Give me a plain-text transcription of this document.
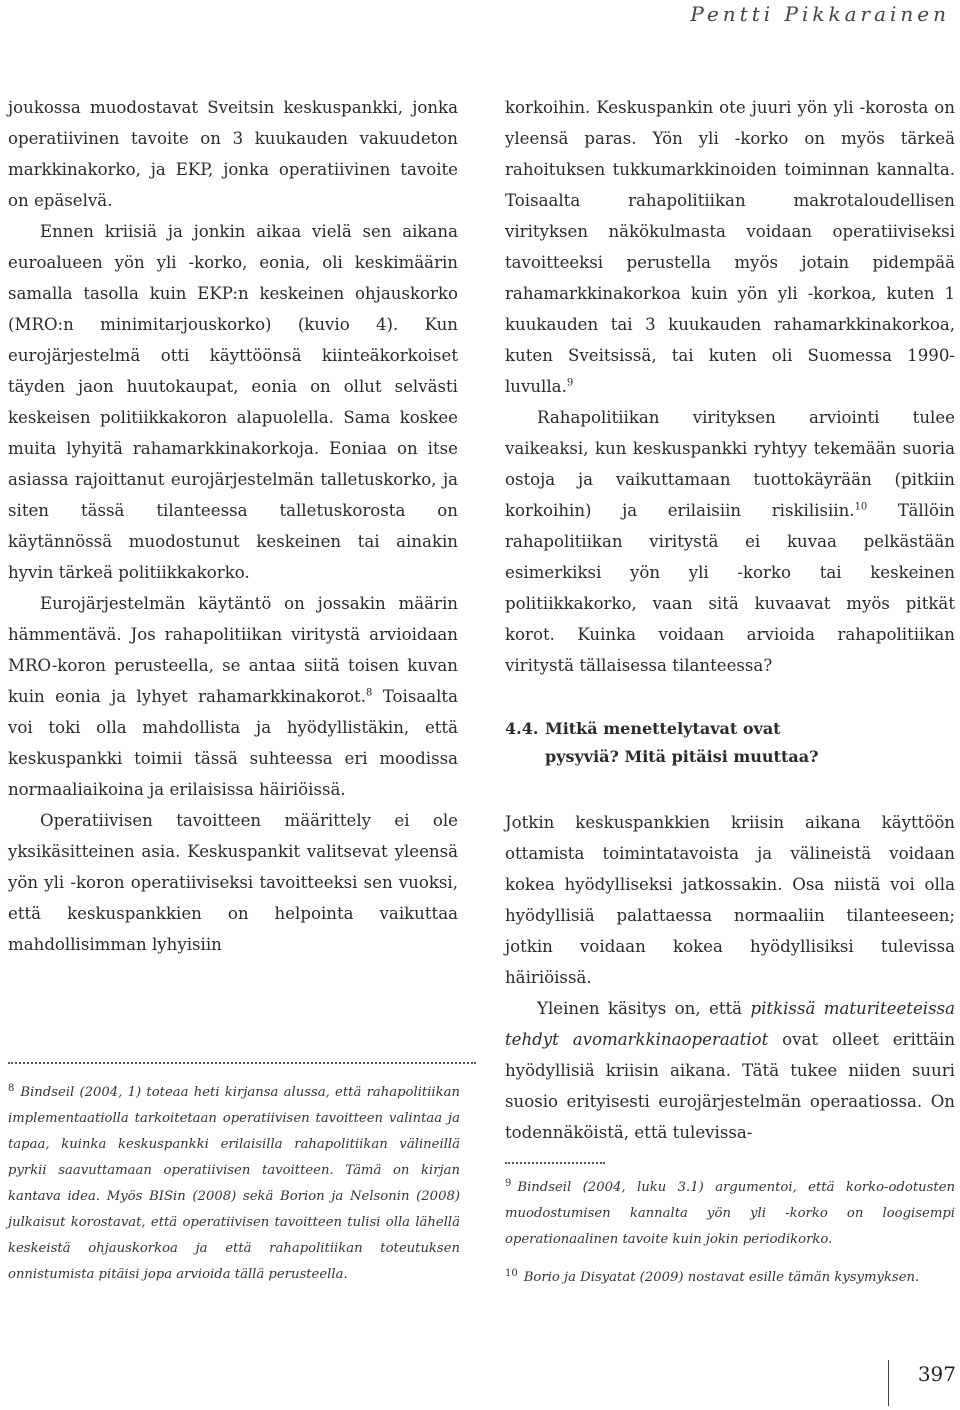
Pentti Pikkarainen

joukossa muodostavat Sveitsin keskuspankki, jonka operatiivinen tavoite on 3 kuukauden vakuudeton markkinakorko, ja EKP, jonka operatiivinen tavoite on epäselvä.

Ennen kriisiä ja jonkin aikaa vielä sen aikana euroalueen yön yli -korko, eonia, oli keskimäärin samalla tasolla kuin EKP:n keskeinen ohjauskorko (MRO:n minimitarjouskorko) (kuvio 4). Kun eurojärjestelmä otti käyttöönsä kiinteäkorkoiset täyden jaon huutokaupat, eonia on ollut selvästi keskeisen politiikkakoron alapuolella. Sama koskee muita lyhyitä rahamarkkinakorkoja. Eoniaa on itse asiassa rajoittanut eurojärjestelmän talletuskorko, ja siten tässä tilanteessa talletuskorosta on käytännössä muodostunut keskeinen tai ainakin hyvin tärkeä politiikkakorko.

Eurojärjestelmän käytäntö on jossakin määrin hämmentävä. Jos rahapolitiikan viritystä arvioidaan MRO-koron perusteella, se antaa siitä toisen kuvan kuin eonia ja lyhyet rahamarkkinakorot.$^8$ Toisaalta voi toki olla mahdollista ja hyödyllistäkin, että keskuspankki toimii tässä suhteessa eri moodissa normaaliaikoina ja erilaisissa häiriöissä.

Operatiivisen tavoitteen määrittely ei ole yksikäsitteinen asia. Keskuspankit valitsevat yleensä yön yli -koron operatiiviseksi tavoitteeksi sen vuoksi, että keskuspankkien on helpointa vaikuttaa mahdollisimman lyhyisiin

$^8$ Bindseil (2004, 1) toteaa heti kirjansa alussa, että rahapolitiikan implementaatiolla tarkoitetaan operatiivisen tavoitteen valintaa ja tapaa, kuinka keskuspankki erilaisilla rahapolitiikan välineillä pyrkii saavuttamaan operatiivisen tavoitteen. Tämä on kirjan kantava idea. Myös BISin (2008) sekä Borion ja Nelsonin (2008) julkaisut korostavat, että operatiivisen tavoitteen tulisi olla lähellä keskeistä ohjauskorkoa ja että rahapolitiikan toteutuksen onnistumista pitäisi jopa arvioida tällä perusteella.

korkoihin. Keskuspankin ote juuri yön yli -korosta on yleensä paras. Yön yli -korko on myös tärkeä rahoituksen tukkumarkkinoiden toiminnan kannalta. Toisaalta rahapolitiikan makrotaloudellisen virityksen näkökulmasta voidaan operatiiviseksi tavoitteeksi perustella myös jotain pidempää rahamarkkinakorkoa kuin yön yli -korkoa, kuten 1 kuukauden tai 3 kuukauden rahamarkkinakorkoa, kuten Sveitsissä, tai kuten oli Suomessa 1990-luvulla.$^9$

Rahapolitiikan virityksen arviointi tulee vaikeaksi, kun keskuspankki ryhtyy tekemään suoria ostoja ja vaikuttamaan tuottokäyrään (pitkiin korkoihin) ja erilaisiin riskilisiin.$^{10}$ Tällöin rahapolitiikan viritystä ei kuvaa pelkästään esimerkiksi yön yli -korko tai keskeinen politiikkakorko, vaan sitä kuvaavat myös pitkät korot. Kuinka voidaan arvioida rahapolitiikan viritystä tällaisessa tilanteessa?

4.4. Mitkä menettelytavat ovat
pysyviä? Mitä pitäisi muuttaa?

Jotkin keskuspankkien kriisin aikana käyttöön ottamista toimintatavoista ja välineistä voidaan kokea hyödylliseksi jatkossakin. Osa niistä voi olla hyödyllisiä palattaessa normaaliin tilanteeseen; jotkin voidaan kokea hyödyllisiksi tulevissa häiriöissä.

Yleinen käsitys on, että pitkissä maturiteeteissa tehdyt avomarkkinaoperaatiot ovat olleet erittäin hyödyllisiä kriisin aikana. Tätä tukee niiden suuri suosio erityisesti eurojärjestelmän operaatiossa. On todennäköistä, että tulevissa-

$^9$ Bindseil (2004, luku 3.1) argumentoi, että korko-odotusten muodostumisen kannalta yön yli -korko on loogisempi operationaalinen tavoite kuin jokin periodikorko.

$^{10}$ Borio ja Disyatat (2009) nostavat esille tämän kysymyksen.

397
